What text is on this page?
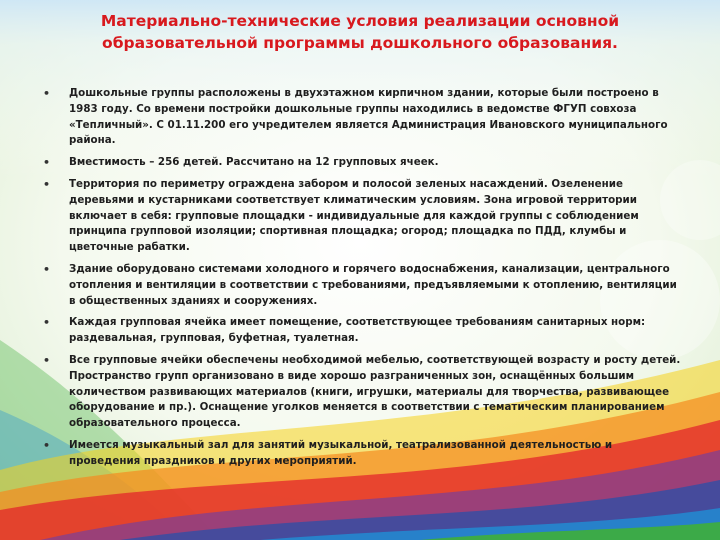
Материально-технические условия реализации основной образовательной программы дошкольного образования.
• Дошкольные группы расположены в двухэтажном кирпичном здании, которые были построено в 1983 году. Со времени постройки дошкольные группы находились в ведомстве ФГУП совхоза «Тепличный». С 01.11.200 его учредителем является Администрация Ивановского муниципального района.
• Вместимость – 256 детей. Рассчитано на 12 групповых ячеек.
• Территория по периметру ограждена забором и полосой зеленых насаждений. Озеленение деревьями и кустарниками соответствует климатическим условиям. Зона игровой территории включает в себя: групповые площадки - индивидуальные для каждой группы с соблюдением принципа групповой изоляции; спортивная площадка; огород; площадка по ПДД, клумбы и цветочные рабатки.
• Здание оборудовано системами холодного и горячего водоснабжения, канализации, центрального отопления и вентиляции в соответствии с требованиями, предъявляемыми к отоплению, вентиляции в общественных зданиях и сооружениях.
• Каждая групповая ячейка имеет помещение, соответствующее требованиям санитарных норм: раздевальная, групповая, буфетная, туалетная.
• Все групповые ячейки обеспечены необходимой мебелью, соответствующей возрасту и росту детей. Пространство групп организовано в виде хорошо разграниченных зон, оснащённых большим количеством развивающих материалов (книги, игрушки, материалы для творчества, развивающее оборудование и пр.). Оснащение уголков меняется в соответствии с тематическим планированием образовательного процесса.
• Имеется музыкальный зал для занятий музыкальной, театрализованной деятельностью и проведения праздников и других мероприятий.
